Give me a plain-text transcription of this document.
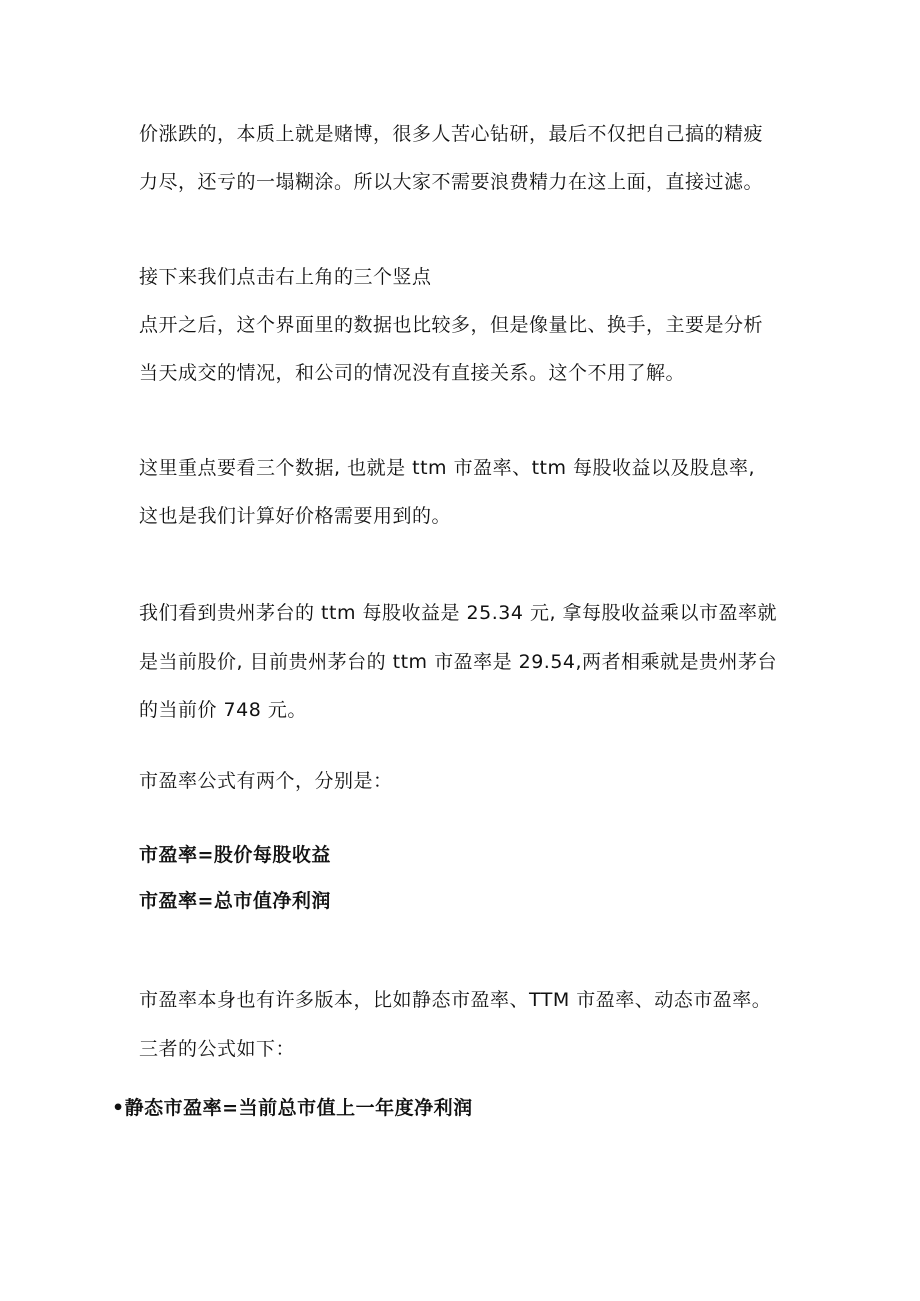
价涨跌的，本质上就是赌博，很多人苦心钻研，最后不仅把自己搞的精疲
力尽，还亏的一塌糊涂。所以大家不需要浪费精力在这上面，直接过滤。
接下来我们点击右上角的三个竖点
点开之后，这个界面里的数据也比较多，但是像量比、换手，主要是分析
当天成交的情况，和公司的情况没有直接关系。这个不用了解。
这里重点要看三个数据, 也就是 ttm 市盈率、ttm 每股收益以及股息率,
这也是我们计算好价格需要用到的。
我们看到贵州茅台的 ttm 每股收益是 25.34 元, 拿每股收益乘以市盈率就
是当前股价, 目前贵州茅台的 ttm 市盈率是 29.54,两者相乘就是贵州茅台
的当前价 748 元。
市盈率公式有两个，分别是：
市盈率=股价每股收益
市盈率=总市值净利润
市盈率本身也有许多版本，比如静态市盈率、TTM 市盈率、动态市盈率。
三者的公式如下：
•静态市盈率=当前总市值上一年度净利润
